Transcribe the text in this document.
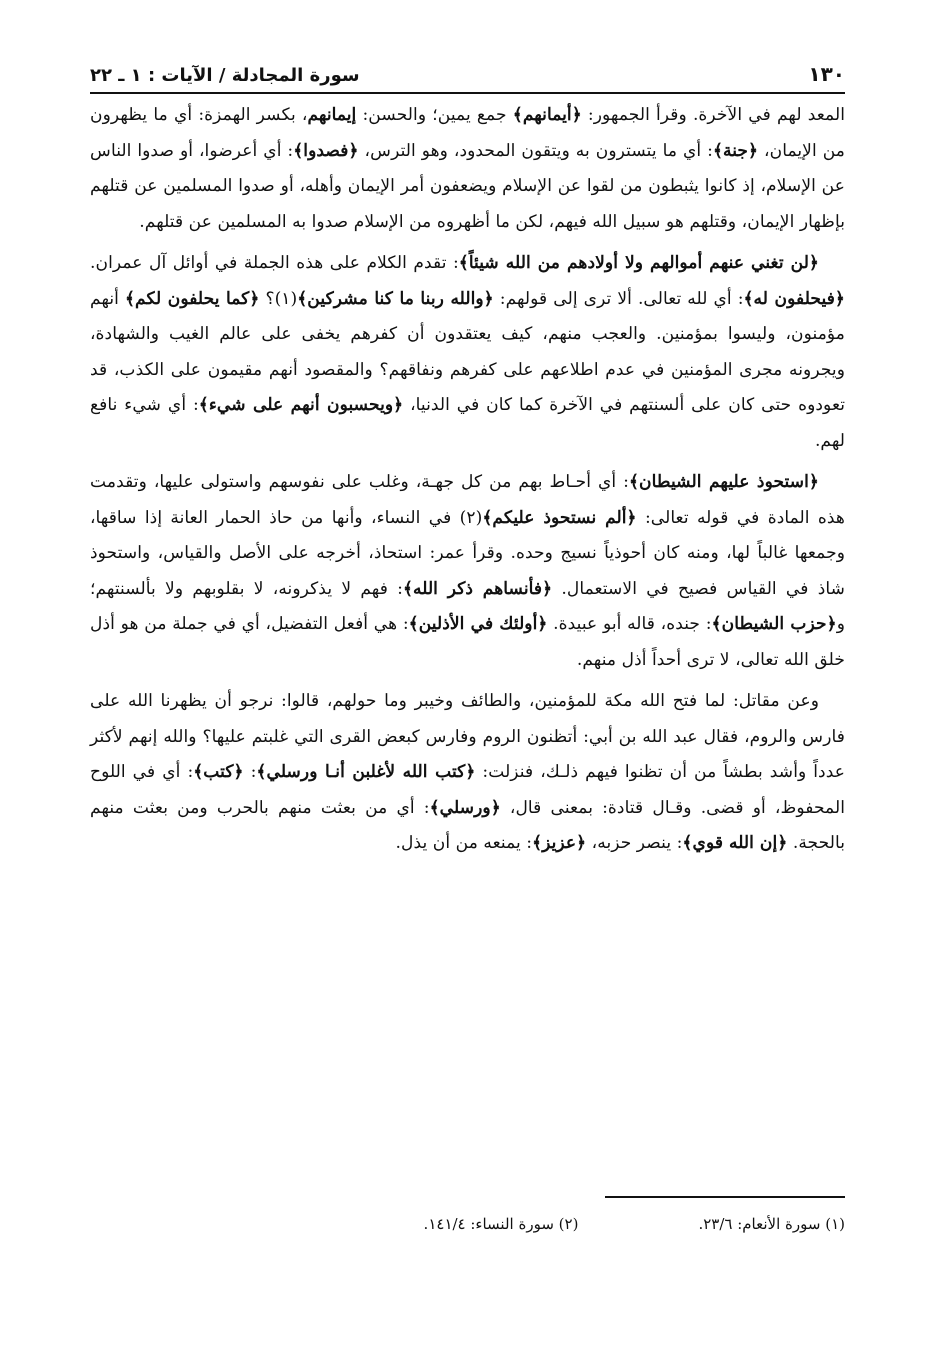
١٣٠
سورة المجادلة / الآيات : ١ ـ ٢٢

المعد لهم في الآخرة. وقرأ الجمهور: ﴿أيمانهم﴾ جمع يمين؛ والحسن: إيمانهم، بكسر الهمزة: أي ما يظهرون من الإيمان، ﴿جنة﴾: أي ما يتسترون به ويتقون المحدود، وهو الترس، ﴿فصدوا﴾: أي أعرضوا، أو صدوا الناس عن الإسلام، إذ كانوا يثبطون من لقوا عن الإسلام ويضعفون أمر الإيمان وأهله، أو صدوا المسلمين عن قتلهم بإظهار الإيمان، وقتلهم هو سبيل الله فيهم، لكن ما أظهروه من الإسلام صدوا به المسلمين عن قتلهم.

﴿لن تغني عنهم أموالهم ولا أولادهم من الله شيئاً﴾: تقدم الكلام على هذه الجملة في أوائل آل عمران. ﴿فيحلفون له﴾: أي لله تعالى. ألا ترى إلى قولهم: ﴿والله ربنا ما كنا مشركين﴾(١)؟ ﴿كما يحلفون لكم﴾ أنهم مؤمنون، وليسوا بمؤمنين. والعجب منهم، كيف يعتقدون أن كفرهم يخفى على عالم الغيب والشهادة، ويجرونه مجرى المؤمنين في عدم اطلاعهم على كفرهم ونفاقهم؟ والمقصود أنهم مقيمون على الكذب، قد تعودوه حتى كان على ألسنتهم في الآخرة كما كان في الدنيا، ﴿ويحسبون أنهم على شيء﴾: أي شيء نافع لهم.

﴿استحوذ عليهم الشيطان﴾: أي أحـاط بهم من كل جهـة، وغلب على نفوسهم واستولى عليها، وتقدمت هذه المادة في قوله تعالى: ﴿ألم نستحوذ عليكم﴾(٢) في النساء، وأنها من حاذ الحمار العانة إذا ساقها، وجمعها غالباً لها، ومنه كان أحوذياً نسيج وحده. وقرأ عمر: استحاذ، أخرجه على الأصل والقياس، واستحوذ شاذ في القياس فصيح في الاستعمال. ﴿فأنساهم ذكر الله﴾: فهم لا يذكرونه، لا بقلوبهم ولا بألسنتهم؛ و﴿حزب الشيطان﴾: جنده، قاله أبو عبيدة. ﴿أولئك في الأذلين﴾: هي أفعل التفضيل، أي في جملة من هو أذل خلق الله تعالى، لا ترى أحداً أذل منهم.

وعن مقاتل: لما فتح الله مكة للمؤمنين، والطائف وخيبر وما حولهم، قالوا: نرجو أن يظهرنا الله على فارس والروم، فقال عبد الله بن أبي: أتظنون الروم وفارس كبعض القرى التي غلبتم عليها؟ والله إنهم لأكثر عدداً وأشد بطشاً من أن تظنوا فيهم ذلـك، فنزلت: ﴿كتب الله لأغلبن أنـا ورسلي﴾: ﴿كتب﴾: أي في اللوح المحفوظ، أو قضى. وقـال قتادة: بمعنى قال، ﴿ورسلي﴾: أي من بعثت منهم بالحرب ومن بعثت منهم بالحجة. ﴿إن الله قوي﴾: ينصر حزبه، ﴿عزيز﴾: يمنعه من أن يذل.

(١) سورة الأنعام: ٢٣/٦.
(٢) سورة النساء: ١٤١/٤.
